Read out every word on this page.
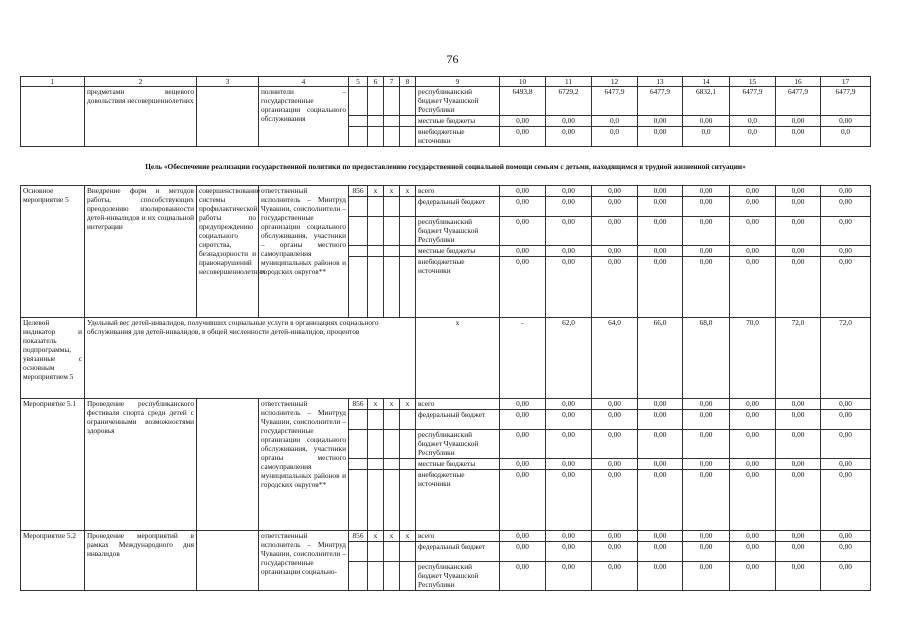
76
1	2	3	4	5	6	7	8	9	10	11	12	13	14	15	16	17
	предметами вещевого довольствия несовершеннолетних		полнители – государственные организации социального обслуживания					республиканский бюджет Чувашской Республики	6493,8	6729,2	6477,9	6477,9	6832,1	6477,9	6477,9	6477,9
								местные бюджеты	0,00	0,00	0,0	0,00	0,00	0,0	0,00	0,00
								внебюджетные источники	0,00	0,00	0,0	0,00	0,0	0,0	0,00	0,0
Цель «Обеспечение реализации государственной политики по предоставлению государственной социальной помощи семьям с детьми, находящимся в трудной жизненной ситуации»																
Основное мероприятие 5	Внедрение форм и методов работы, способствующих преодолению изолированности детей-инвалидов и их социальной интеграции	совершенствование системы профилактической работы по предупреждению социального сиротства, безнадзорности и правонарушений несовершеннолетних	ответственный исполнитель – Минтруд Чувашии, соисполнители – государственные организации социального обслуживания, участники – органы местного самоуправления муниципальных районов и городских округов**	856	x	x	x	всего	0,00	0,00	0,00	0,00	0,00	0,00	0,00	0,00
								федеральный бюджет	0,00	0,00	0,00	0,00	0,00	0,00	0,00	0,00
								республиканский бюджет Чувашской Республики	0,00	0,00	0,00	0,00	0,00	0,00	0,00	0,00
								местные бюджеты	0,00	0,00	0,00	0,00	0,00	0,00	0,00	0,00
								внебюджетные источники	0,00	0,00	0,00	0,00	0,00	0,00	0,00	0,00
Целевой индикатор и показатель подпрограммы, увязанные с основным мероприятием 5	Удельный вес детей-инвалидов, получивших социальные услуги в организациях социального обслуживания для детей-инвалидов, в общей численности детей-инвалидов, процентов							x	-	62,0	64,0	66,0	68,0	70,0	72,0	72,0
Мероприятие 5.1	Проведение республиканского фестиваля спорта среди детей с ограниченными возможностями здоровья		ответственный исполнитель – Минтруд Чувашии, соисполнители – государственные организации социального обслуживания, участники органы местного самоуправления муниципальных районов и городских округов**	856	x	x	x	всего	0,00	0,00	0,00	0,00	0,00	0,00	0,00	0,00
								федеральный бюджет	0,00	0,00	0,00	0,00	0,00	0,00	0,00	0,00
								республиканский бюджет Чувашской Республики	0,00	0,00	0,00	0,00	0,00	0,00	0,00	0,00
								местные бюджеты	0,00	0,00	0,00	0,00	0,00	0,00	0,00	0,00
								внебюджетные источники	0,00	0,00	0,00	0,00	0,00	0,00	0,00	0,00
Мероприятие 5.2	Проведение мероприятий в рамках Международного дня инвалидов		ответственный исполнитель – Минтруд Чувашии, соисполнители – государственные организации социально-	856	x	x	x	всего	0,00	0,00	0,00	0,00	0,00	0,00	0,00	0,00
								федеральный бюджет	0,00	0,00	0,00	0,00	0,00	0,00	0,00	0,00
								республиканский бюджет Чувашской Республики	0,00	0,00	0,00	0,00	0,00	0,00	0,00	0,00
